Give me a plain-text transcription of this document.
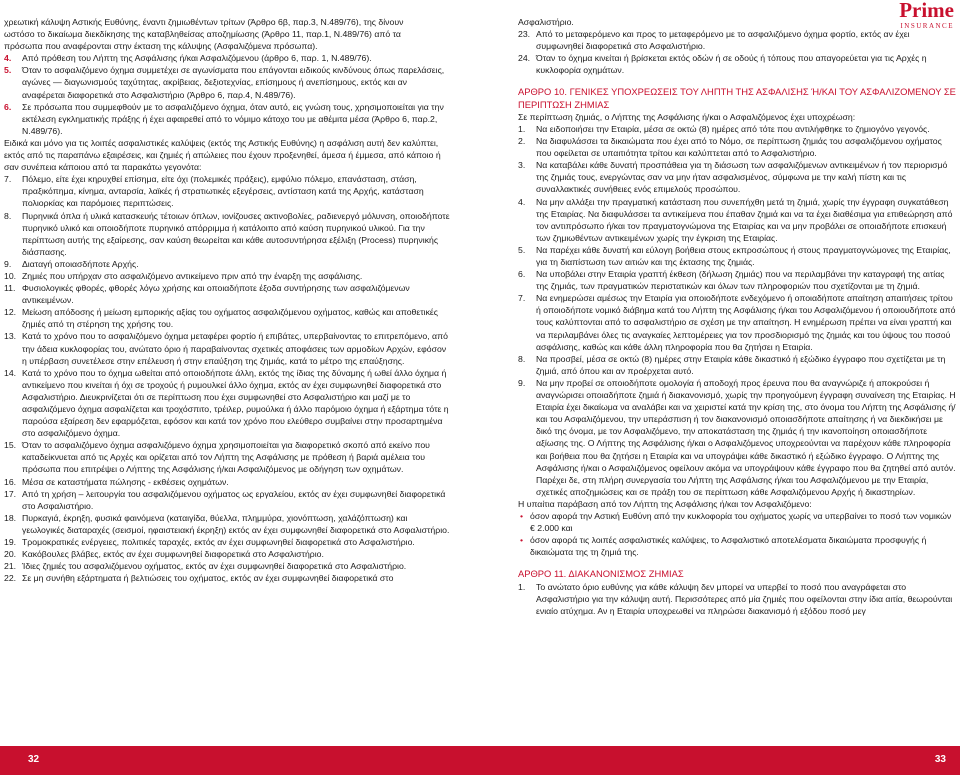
Prime
INSURANCE

χρεωτική κάλυψη Αστικής Ευθύνης, έναντι ζημιωθέντων τρίτων (Άρθρο 6β, παρ.3, Ν.489/76), της δίνουν

ωστόσο το δικαίωμα διεκδίκησης της καταβληθείσας αποζημίωσης (Άρθρο 11, παρ.1, Ν.489/76) από τα

πρόσωπα που αναφέρονται στην έκταση της κάλυψης (Ασφαλιζόμενα πρόσωπα).

4. Από πρόθεση του Λήπτη της Ασφάλισης ή/και Ασφαλιζόμενου (άρθρο 6, παρ. 1, Ν.489/76).

5. Όταν το ασφαλιζόμενο όχημα συμμετέχει σε αγωνίσματα που επάγονται ειδικούς κινδύνους όπως παρελάσεις, αγώνες — διαγωνισμούς ταχύτητας, ακρίβειας, δεξιοτεχνίας, επίσημους ή ανεπίσημους, εκτός και αν αναφέρεται διαφορετικά στο Ασφαλιστήριο (Άρθρο 6, παρ.4, Ν.489/76).

6. Σε πρόσωπα που συμμεφθούν με το ασφαλιζόμενο όχημα, όταν αυτό, εις γνώση τους, χρησιμοποιείται για την εκτέλεση εγκληματικής πράξης ή έχει αφαιρεθεί από το νόμιμο κάτοχο του με αθέμιτα μέσα (Άρθρο 6, παρ.2, Ν.489/76).

Ειδικά και μόνο για τις λοιπές ασφαλιστικές καλύψεις (εκτός της Αστικής Ευθύνης) η ασφάλιση αυτή δεν καλύπτει, εκτός από τις παραπάνω εξαιρέσεις, και ζημιές ή απώλειες που έχουν προξενηθεί, άμεσα ή έμμεσα, από κάποιο ή σαν συνέπεια κάποιου από τα παρακάτω γεγονότα:

7. Πόλεμο, είτε έχει κηρυχθεί επίσημα, είτε όχι (πολεμικές πράξεις), εμφύλιο πόλεμο, επανάσταση, στάση, πραξικόπημα, κίνημα, ανταρσία, λαϊκές ή στρατιωτικές εξεγέρσεις, αντίσταση κατά της Αρχής, κατάσταση πολιορκίας και παρόμοιες περιπτώσεις.

8. Πυρηνικά όπλα ή υλικά κατασκευής τέτοιων όπλων, ιονίζουσες ακτινοβολίες, ραδιενεργό μόλυνση, οποιοδήποτε πυρηνικό υλικό και οποιοδήποτε πυρηνικό απόρριμμα ή κατάλοιπο από καύση πυρηνικού υλικού. Για την περίπτωση αυτής της εξαίρεσης, σαν καύση θεωρείται και κάθε αυτοσυντήρησα εξέλιξη (Process) πυρηνικής διάσπασης.

9. Διαταγή οποιασδήποτε Αρχής.

10. Ζημιές που υπήρχαν στο ασφαλιζόμενο αντικείμενο πριν από την έναρξη της ασφάλισης.

11. Φυσιολογικές φθορές, φθορές λόγω χρήσης και οποιαδήποτε έξοδα συντήρησης των ασφαλιζόμενων αντικειμένων.

12. Μείωση απόδοσης ή μείωση εμπορικής αξίας του οχήματος ασφαλιζόμενου οχήματος, καθώς και αποθετικές ζημιές από τη στέρηση της χρήσης του.

13. Κατά το χρόνο που το ασφαλιζόμενο όχημα μεταφέρει φορτίο ή επιβάτες, υπερβαίνοντας το επιτρεπόμενο, από την άδεια κυκλοφορίας του, ανώτατο όριο ή παραβαίνοντας σχετικές αποφάσεις των αρμοδίων Αρχών, εφόσον η υπέρβαση συνετέλεσε στην επέλευση ή στην επαύξηση της ζημιάς, κατά το μέτρο της επαύξησης.

14. Κατά το χρόνο που το όχημα ωθείται από οποιοδήποτε άλλη, εκτός της ίδιας της δύναμης ή ωθεί άλλο όχημα ή αντικείμενο που κινείται ή όχι σε τροχούς ή ρυμουλκεί άλλο όχημα, εκτός αν έχει συμφωνηθεί διαφορετικά στο Ασφαλιστήριο. Διευκρινίζεται ότι σε περίπτωση που έχει συμφωνηθεί στο Ασφαλιστήριο και μαζί με το ασφαλιζόμενο όχημα ασφαλίζεται και τροχόσπιτο, τρέιλερ, ρυμούλκα ή άλλο παρόμοιο όχημα ή εξάρτημα τότε η παρούσα εξαίρεση δεν εφαρμόζεται, εφόσον και κατά τον χρόνο που ελεύθερο συμβαίνει στην προσαρτημένα στο ασφαλιζόμενο όχημα.

15. Όταν το ασφαλιζόμενο όχημα ασφαλιζόμενο όχημα χρησιμοποιείται για διαφορετικό σκοπό από εκείνο που καταδείκνυεται από τις Αρχές και ορίζεται από τον Λήπτη της Ασφάλισης με πρόθεση ή βαριά αμέλεια του πρόσωπα που επιτρέψει ο Λήπτης της Ασφάλισης ή/και Ασφαλιζόμενος με οδήγηση των οχημάτων.

16. Μέσα σε καταστήματα πώλησης - εκθέσεις οχημάτων.

17. Από τη χρήση – λειτουργία του ασφαλιζόμενου οχήματος ως εργαλείου, εκτός αν έχει συμφωνηθεί διαφορετικά στο Ασφαλιστήριο.

18. Πυρκαγιά, έκρηξη, φυσικά φαινόμενα (καταιγίδα, θύελλα, πλημμύρα, χιονόπτωση, χαλάζόπτωση) και γεωλογικές διαταραχές (σεισμοί, ηφαιστειακή έκρηξη) εκτός αν έχει συμφωνηθεί διαφορετικά στο Ασφαλιστήριο.

19. Τρομοκρατικές ενέργειες, πολιτικές ταραχές, εκτός αν έχει συμφωνηθεί διαφορετικά στο Ασφαλιστήριο.

20. Κακόβουλες βλάβες, εκτός αν έχει συμφωνηθεί διαφορετικά στο Ασφαλιστήριο.

21. Ίδιες ζημιές του ασφαλιζόμενου οχήματος, εκτός αν έχει συμφωνηθεί διαφορετικά στο Ασφαλιστήριο.

22. Σε μη συνήθη εξάρτηματα ή βελτιώσεις του οχήματος, εκτός αν έχει συμφωνηθεί διαφορετικά στο

Ασφαλιστήριο.

23. Από το μεταφερόμενο και προς το μεταφερόμενο με το ασφαλιζόμενο όχημα φορτίο, εκτός αν έχει συμφωνηθεί διαφορετικά στο Ασφαλιστήριο.

24. Όταν το όχημα κινείται ή βρίσκεται εκτός οδών ή σε οδούς ή τόπους που απαγορεύεται για τις Αρχές η κυκλοφορία οχημάτων.

ΑΡΘΡΟ 10. ΓΕΝΙΚΕΣ ΥΠΟΧΡΕΩΣΕΙΣ ΤΟΥ ΛΗΠΤΗ ΤΗΣ ΑΣΦΑΛΙΣΗΣ Ή/ΚΑΙ ΤΟΥ ΑΣΦΑΛΙΖΟΜΕΝΟΥ ΣΕ ΠΕΡΙΠΤΩΣΗ ΖΗΜΙΑΣ

Σε περίπτωση ζημιάς, ο Λήπτης της Ασφάλισης ή/και ο Ασφαλιζόμενος έχει υποχρέωση:

1. Να ειδοποιήσει την Εταιρία, μέσα σε οκτώ (8) ημέρες από τότε που αντιλήφθηκε το ζημιογόνο γεγονός.

2. Να διαφυλάσσει τα δικαιώματα που έχει από το Νόμο, σε περίπτωση ζημιάς του ασφαλιζόμενου οχήματος που οφείλεται σε υπαιτιότητα τρίτου και καλύπτεται από το Ασφαλιστήριο.

3. Να καταβάλει κάθε δυνατή προσπάθεια για τη διάσωση των ασφαλιζόμενων αντικειμένων ή τον περιορισμό της ζημιάς τους, ενεργώντας σαν να μην ήταν ασφαλισμένος, σύμφωνα με την καλή πίστη και τις συναλλακτικές συνήθειες ενός επιμελούς προσώπου.

4. Να μην αλλάξει την πραγματική κατάσταση που συνεπήχθη μετά τη ζημιά, χωρίς την έγγραφη συγκατάθεση της Εταιρίας. Να διαφυλάσσει τα αντικείμενα που έπαθαν ζημιά και να τα έχει διαθέσιμα για επιθεώρηση από τον αντιπρόσωπο ή/και τον πραγματογνώμονα της Εταιρίας και να μην προβάλει σε οποιαδήποτε επισκευή των ζημιωθέντων αντικειμένων χωρίς την έγκριση της Εταιρίας.

5. Να παρέχει κάθε δυνατή και εύλογη βοήθεια στους εκπροσώπους ή στους πραγματογνώμονες της Εταιρίας, για τη διαπίστωση των αιτιών και της έκτασης της ζημιάς.

6. Να υποβάλει στην Εταιρία γραπτή έκθεση (δήλωση ζημιάς) που να περιλαμβάνει την καταγραφή της αιτίας της ζημιάς, των πραγματικών περιστατικών και όλων των πληροφοριών που σχετίζονται με τη ζημιά.

7. Να ενημερώσει αμέσως την Εταιρία για οποιοδήποτε ενδεχόμενο ή οποιαδήποτε απαίτηση απαιτήσεις τρίτου ή οποιοδήποτε νομικό διάβημα κατά του Λήπτη της Ασφάλισης ή/και του Ασφαλιζόμενου ή οποιουδήποτε από τους καλύπτονται από το ασφαλιστήριο σε σχέση με την απαίτηση. Η ενημέρωση πρέπει να είναι γραπτή και να περιλαμβάνει όλες τις αναγκαίες λεπτομέρειες για τον προσδιορισμό της ζημιάς και του ύψους του ποσού ασφάλισης, καθώς και κάθε άλλη πληροφορία που θα ζητήσει η Εταιρία.

8. Να προσβεί, μέσα σε οκτώ (8) ημέρες στην Εταιρία κάθε δικαστικό ή εξώδικο έγγραφο που σχετίζεται με τη ζημιά, από όπου και αν προέρχεται αυτό.

9. Να μην προβεί σε οποιοδήποτε ομολογία ή αποδοχή προς έρευνα που θα αναγνώριζε ή αποκρούσει ή αναγνώρισει οποιαδήποτε ζημιά ή διακανονισμό, χωρίς την προηγούμενη έγγραφη συναίνεση της Εταιρίας. Η Εταιρία έχει δικαίωμα να αναλάβει και να χειριστεί κατά την κρίση της, στο όνομα του Λήπτη της Ασφάλισης ή/και του Ασφαλιζόμενου, την υπεράσπιση ή τον διακανονισμό οποιασδήποτε απαίτησης ή να διεκδικήσει με δικό της όνομα, με τον Ασφαλιζόμενο, την αποκατάσταση της ζημιάς ή την ικανοποίηση οποιασδήποτε αξίωσης της. Ο Λήπτης της Ασφάλισης ή/και ο Ασφαλιζόμενος υποχρεούνται να παρέχουν κάθε πληροφορία και βοήθεια που θα ζητήσει η Εταιρία και να υπογράψει κάθε δικαστικό ή εξώδικο έγγραφο. Ο Λήπτης της Ασφάλισης ή/και ο Ασφαλιζόμενος οφείλουν ακόμα να υπογράψουν κάθε έγγραφο που θα ζητηθεί από αυτόν. Παρέχει δε, στη πλήρη συνεργασία του Λήπτη της Ασφάλισης ή/και του Ασφαλιζόμενου με την Εταιρία, σχετικές αποζημιώσεις και σε πράξη του σε περίπτωση κάθε Ασφαλιζόμενου Αρχής ή δικαστηρίων.

Η υπαίτια παράβαση από τον Λήπτη της Ασφάλισης ή/και τον Ασφαλιζόμενο:

• όσον αφορά την Αστική Ευθύνη από την κυκλοφορία του οχήματος χωρίς να υπερβαίνει το ποσό των νομικών € 2.000 και

• όσον αφορά τις λοιπές ασφαλιστικές καλύψεις, το Ασφαλιστικό αποτελέσματα δικαιώματα προσφυγής ή δικαιώματα της τη ζημιά της.

ΑΡΘΡΟ 11. ΔΙΑΚΑΝΟΝΙΣΜΟΣ ΖΗΜΙΑΣ

1. Το ανώτατο όριο ευθύνης για κάθε κάλυψη δεν μπορεί να υπερβεί το ποσό που αναγράφεται στο Ασφαλιστήριο για την κάλυψη αυτή. Περισσότερες από μία ζημιές που οφείλονται στην ίδια αιτία, θεωρούνται ενιαίο ατύχημα. Αν η Εταιρία υποχρεωθεί να πληρώσει διακανισμό ή εξόδου ποσό μεγ

32	33
